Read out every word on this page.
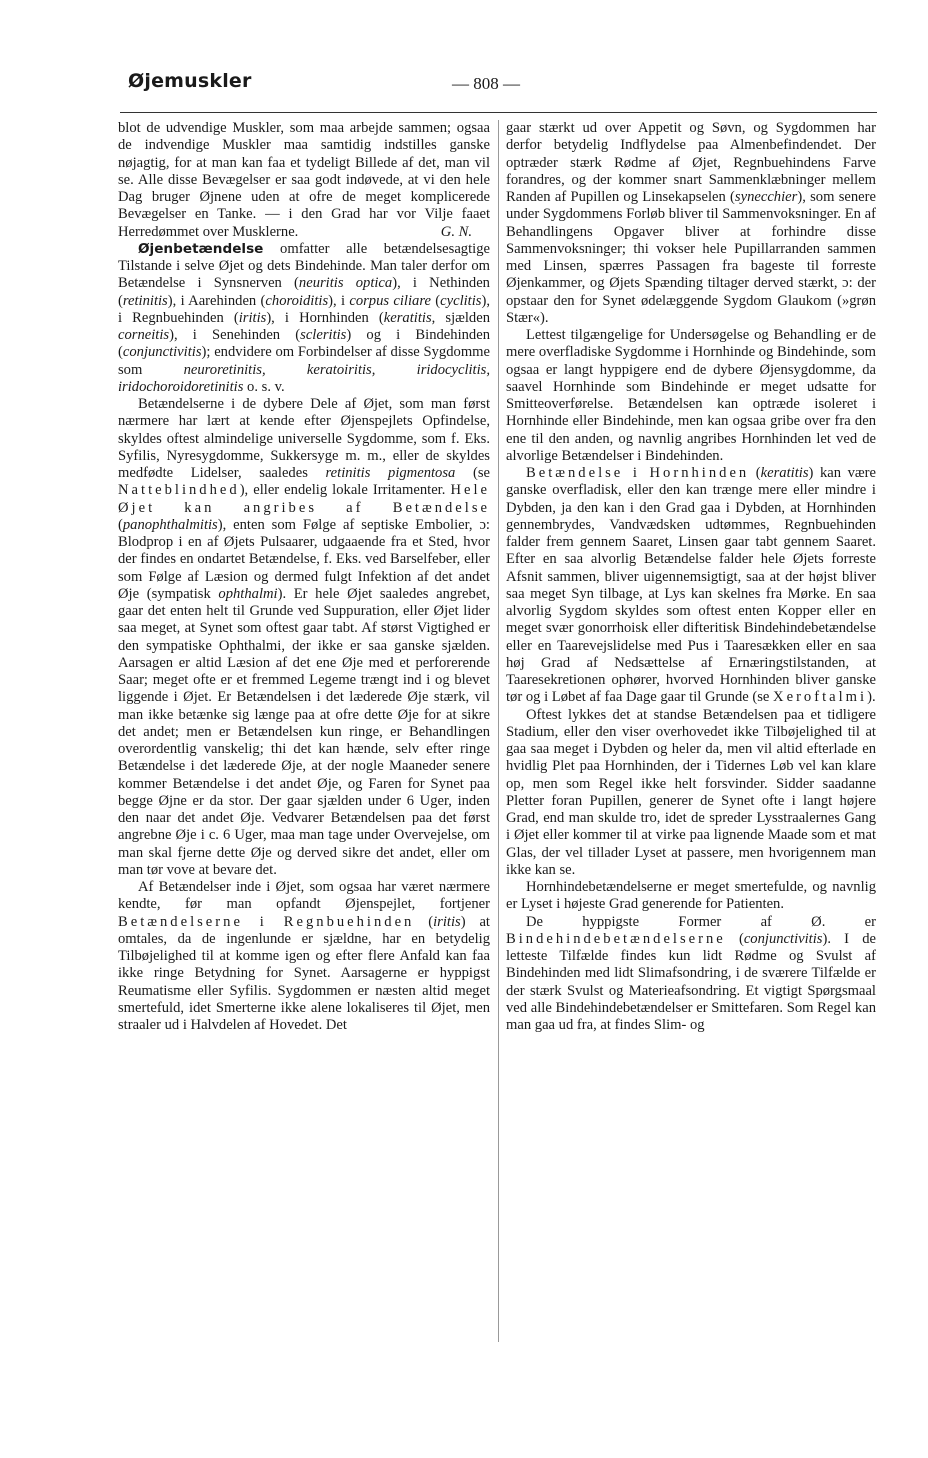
Øjemuskler	— 808 —

blot de udvendige Muskler, som maa arbejde sammen; ogsaa de indvendige Muskler maa samtidig indstilles ganske nøjagtig, for at man kan faa et tydeligt Billede af det, man vil se. Alle disse Bevægelser er saa godt indøvede, at vi den hele Dag bruger Øjnene uden at ofre de meget komplicerede Bevægelser en Tanke. — i den Grad har vor Vilje faaet Herredømmet over Musklerne.	G. N.

Øjenbetændelse omfatter alle betændelsesagtige Tilstande i selve Øjet og dets Bindehinde. Man taler derfor om Betændelse i Synsnerven (neuritis optica), i Nethinden (retinitis), i Aarehinden (choroiditis), i corpus ciliare (cyclitis), i Regnbuehinden (iritis), i Hornhinden (keratitis, sjælden corneitis), i Senehinden (scleritis) og i Bindehinden (conjunctivitis); endvidere om Forbindelser af disse Sygdomme som neuroretinitis, keratoiritis, iridocyclitis, iridochoroidoretinitis o. s. v.

Betændelserne i de dybere Dele af Øjet, som man først nærmere har lært at kende efter Øjenspejlets Opfindelse, skyldes oftest almindelige universelle Sygdomme, som f. Eks. Syfilis, Nyresygdomme, Sukkersyge m. m., eller de skyldes medfødte Lidelser, saaledes retinitis pigmentosa (se Natteblindhed), eller endelig lokale Irritamenter. Hele Øjet kan angribes af Betændelse (panophthalmitis), enten som Følge af septiske Embolier, ɔ: Blodprop i en af Øjets Pulsaarer, udgaaende fra et Sted, hvor der findes en ondartet Betændelse, f. Eks. ved Barselfeber, eller som Følge af Læsion og dermed fulgt Infektion af det andet Øje (sympatisk ophthalmi). Er hele Øjet saaledes angrebet, gaar det enten helt til Grunde ved Suppuration, eller Øjet lider saa meget, at Synet som oftest gaar tabt. Af størst Vigtighed er den sympatiske Ophthalmi, der ikke er saa ganske sjælden. Aarsagen er altid Læsion af det ene Øje med et perforerende Saar; meget ofte er et fremmed Legeme trængt ind i og blevet liggende i Øjet. Er Betændelsen i det læderede Øje stærk, vil man ikke betænke sig længe paa at ofre dette Øje for at sikre det andet; men er Betændelsen kun ringe, er Behandlingen overordentlig vanskelig; thi det kan hænde, selv efter ringe Betændelse i det læderede Øje, at der nogle Maaneder senere kommer Betændelse i det andet Øje, og Faren for Synet paa begge Øjne er da stor. Der gaar sjælden under 6 Uger, inden den naar det andet Øje. Vedvarer Betændelsen paa det først angrebne Øje i c. 6 Uger, maa man tage under Overvejelse, om man skal fjerne dette Øje og derved sikre det andet, eller om man tør vove at bevare det.

Af Betændelser inde i Øjet, som ogsaa har været nærmere kendte, før man opfandt Øjenspejlet, fortjener Betændelserne i Regnbuehinden (iritis) at omtales, da de ingenlunde er sjældne, har en betydelig Tilbøjelighed til at komme igen og efter flere Anfald kan faa ikke ringe Betydning for Synet. Aarsagerne er hyppigst Reumatisme eller Syfilis. Sygdommen er næsten altid meget smertefuld, idet Smerterne ikke alene lokaliseres til Øjet, men straaler ud i Halvdelen af Hovedet. Det

gaar stærkt ud over Appetit og Søvn, og Sygdommen har derfor betydelig Indflydelse paa Almenbefindendet. Der optræder stærk Rødme af Øjet, Regnbuehindens Farve forandres, og der kommer snart Sammenklæbninger mellem Randen af Pupillen og Linsekapselen (synecchier), som senere under Sygdommens Forløb bliver til Sammenvoksninger. En af Behandlingens Opgaver bliver at forhindre disse Sammenvoksninger; thi vokser hele Pupillarranden sammen med Linsen, spærres Passagen fra bageste til forreste Øjenkammer, og Øjets Spænding tiltager derved stærkt, ɔ: der opstaar den for Synet ødelæggende Sygdom Glaukom (»grøn Stær«).

Lettest tilgængelige for Undersøgelse og Behandling er de mere overfladiske Sygdomme i Hornhinde og Bindehinde, som ogsaa er langt hyppigere end de dybere Øjensygdomme, da saavel Hornhinde som Bindehinde er meget udsatte for Smitteoverførelse. Betændelsen kan optræde isoleret i Hornhinde eller Bindehinde, men kan ogsaa gribe over fra den ene til den anden, og navnlig angribes Hornhinden let ved de alvorlige Betændelser i Bindehinden.

Betændelse i Hornhinden (keratitis) kan være ganske overfladisk, eller den kan trænge mere eller mindre i Dybden, ja den kan i den Grad gaa i Dybden, at Hornhinden gennembrydes, Vandvædsken udtømmes, Regnbuehinden falder frem gennem Saaret, Linsen gaar tabt gennem Saaret. Efter en saa alvorlig Betændelse falder hele Øjets forreste Afsnit sammen, bliver uigennemsigtigt, saa at der højst bliver saa meget Syn tilbage, at Lys kan skelnes fra Mørke. En saa alvorlig Sygdom skyldes som oftest enten Kopper eller en meget svær gonorrhoisk eller difteritisk Bindehindebetændelse eller en Taarevejslidelse med Pus i Taaresækken eller en saa høj Grad af Nedsættelse af Ernæringstilstanden, at Taaresekretionen ophører, hvorved Hornhinden bliver ganske tør og i Løbet af faa Dage gaar til Grunde (se Xeroftalmi).

Oftest lykkes det at standse Betændelsen paa et tidligere Stadium, eller den viser overhovedet ikke Tilbøjelighed til at gaa saa meget i Dybden og heler da, men vil altid efterlade en hvidlig Plet paa Hornhinden, der i Tidernes Løb vel kan klare op, men som Regel ikke helt forsvinder. Sidder saadanne Pletter foran Pupillen, generer de Synet ofte i langt højere Grad, end man skulde tro, idet de spreder Lysstraalernes Gang i Øjet eller kommer til at virke paa lignende Maade som et mat Glas, der vel tillader Lyset at passere, men hvorigennem man ikke kan se.

Hornhindebetændelserne er meget smertefulde, og navnlig er Lyset i højeste Grad generende for Patienten.

De hyppigste Former af Ø. er Bindehindebetændelserne (conjunctivitis). I de letteste Tilfælde findes kun lidt Rødme og Svulst af Bindehinden med lidt Slimafsondring, i de sværere Tilfælde er der stærk Svulst og Materieafsondring. Et vigtigt Spørgsmaal ved alle Bindehindebetændelser er Smittefaren. Som Regel kan man gaa ud fra, at findes Slim- og
